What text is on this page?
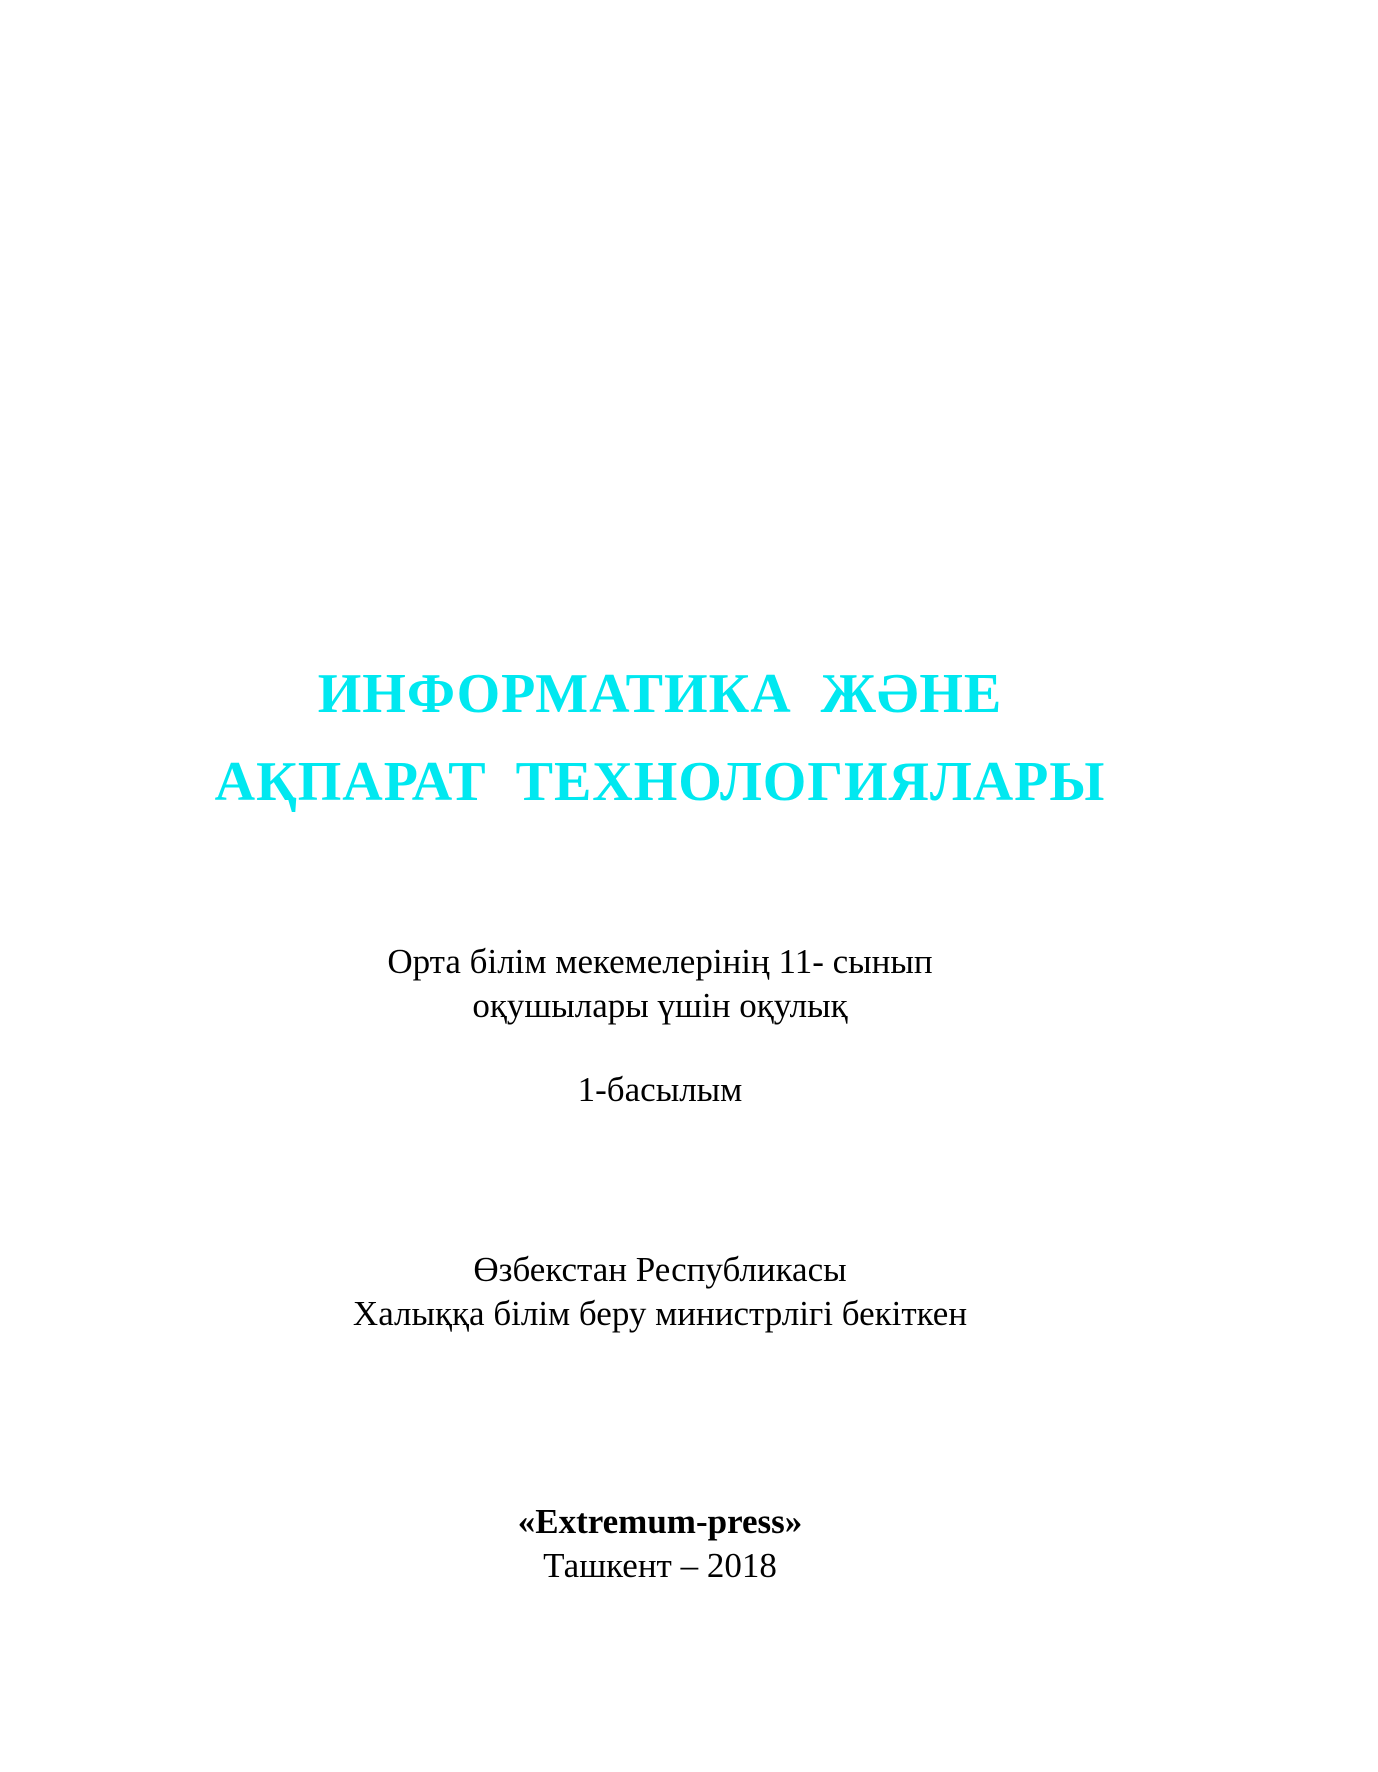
ИНФОРМАТИКА ЖӘНЕ
АҚПАРАТ ТЕХНОЛОГИЯЛАРЫ
Орта білім мекемелерінің 11- сынып
оқушылары үшін оқулық
1-басылым
Өзбекстан Республикасы
Халыққа білім беру министрлігі бекіткен
«Extremum-press»
Ташкент – 2018
